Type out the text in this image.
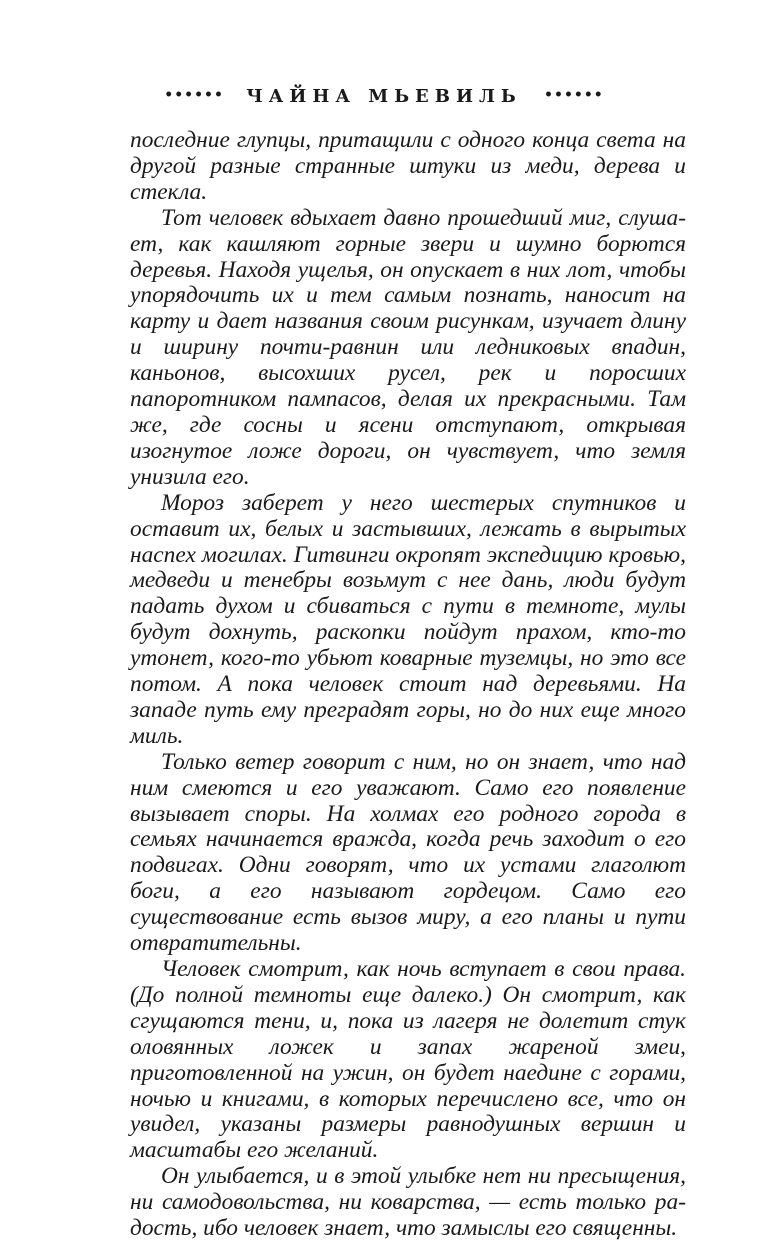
•••••• ЧАЙНА МЬЕВИЛЬ ••••••

последние глупцы, притащили с одного конца света на другой разные странные штуки из меди, дерева и стекла.

Тот человек вдыхает давно прошедший миг, слушает, как кашляют горные звери и шумно борются деревья. Находя ущелья, он опускает в них лот, чтобы упорядочить их и тем самым познать, наносит на карту и дает названия своим рисункам, изучает длину и ширину почти-равнин или ледниковых впадин, каньонов, высохших русел, рек и поросших папоротником пампасов, делая их прекрасными. Там же, где сосны и ясени отступают, открывая изогнутое ложе дороги, он чувствует, что земля унизила его.

Мороз заберет у него шестерых спутников и оставит их, белых и застывших, лежать в вырытых наспех могилах. Гитвинги окропят экспедицию кровью, медведи и тенебры возьмут с нее дань, люди будут падать духом и сбиваться с пути в темноте, мулы будут дохнуть, раскопки пойдут прахом, кто-то утонет, кого-то убьют коварные туземцы, но это все потом. А пока человек стоит над деревьями. На западе путь ему преградят горы, но до них еще много миль.

Только ветер говорит с ним, но он знает, что над ним смеются и его уважают. Само его появление вызывает споры. На холмах его родного города в семьях начинается вражда, когда речь заходит о его подвигах. Одни говорят, что их устами глаголют боги, а его называют гордецом. Само его существование есть вызов миру, а его планы и пути отвратительны.

Человек смотрит, как ночь вступает в свои права. (До полной темноты еще далеко.) Он смотрит, как сгущаются тени, и, пока из лагеря не долетит стук оловянных ложек и запах жареной змеи, приготовленной на ужин, он будет наедине с горами, ночью и книгами, в которых перечислено все, что он увидел, указаны размеры равнодушных вершин и масштабы его желаний.

Он улыбается, и в этой улыбке нет ни пресыщения, ни самодовольства, ни коварства, — есть только радость, ибо человек знает, что замыслы его священны.
